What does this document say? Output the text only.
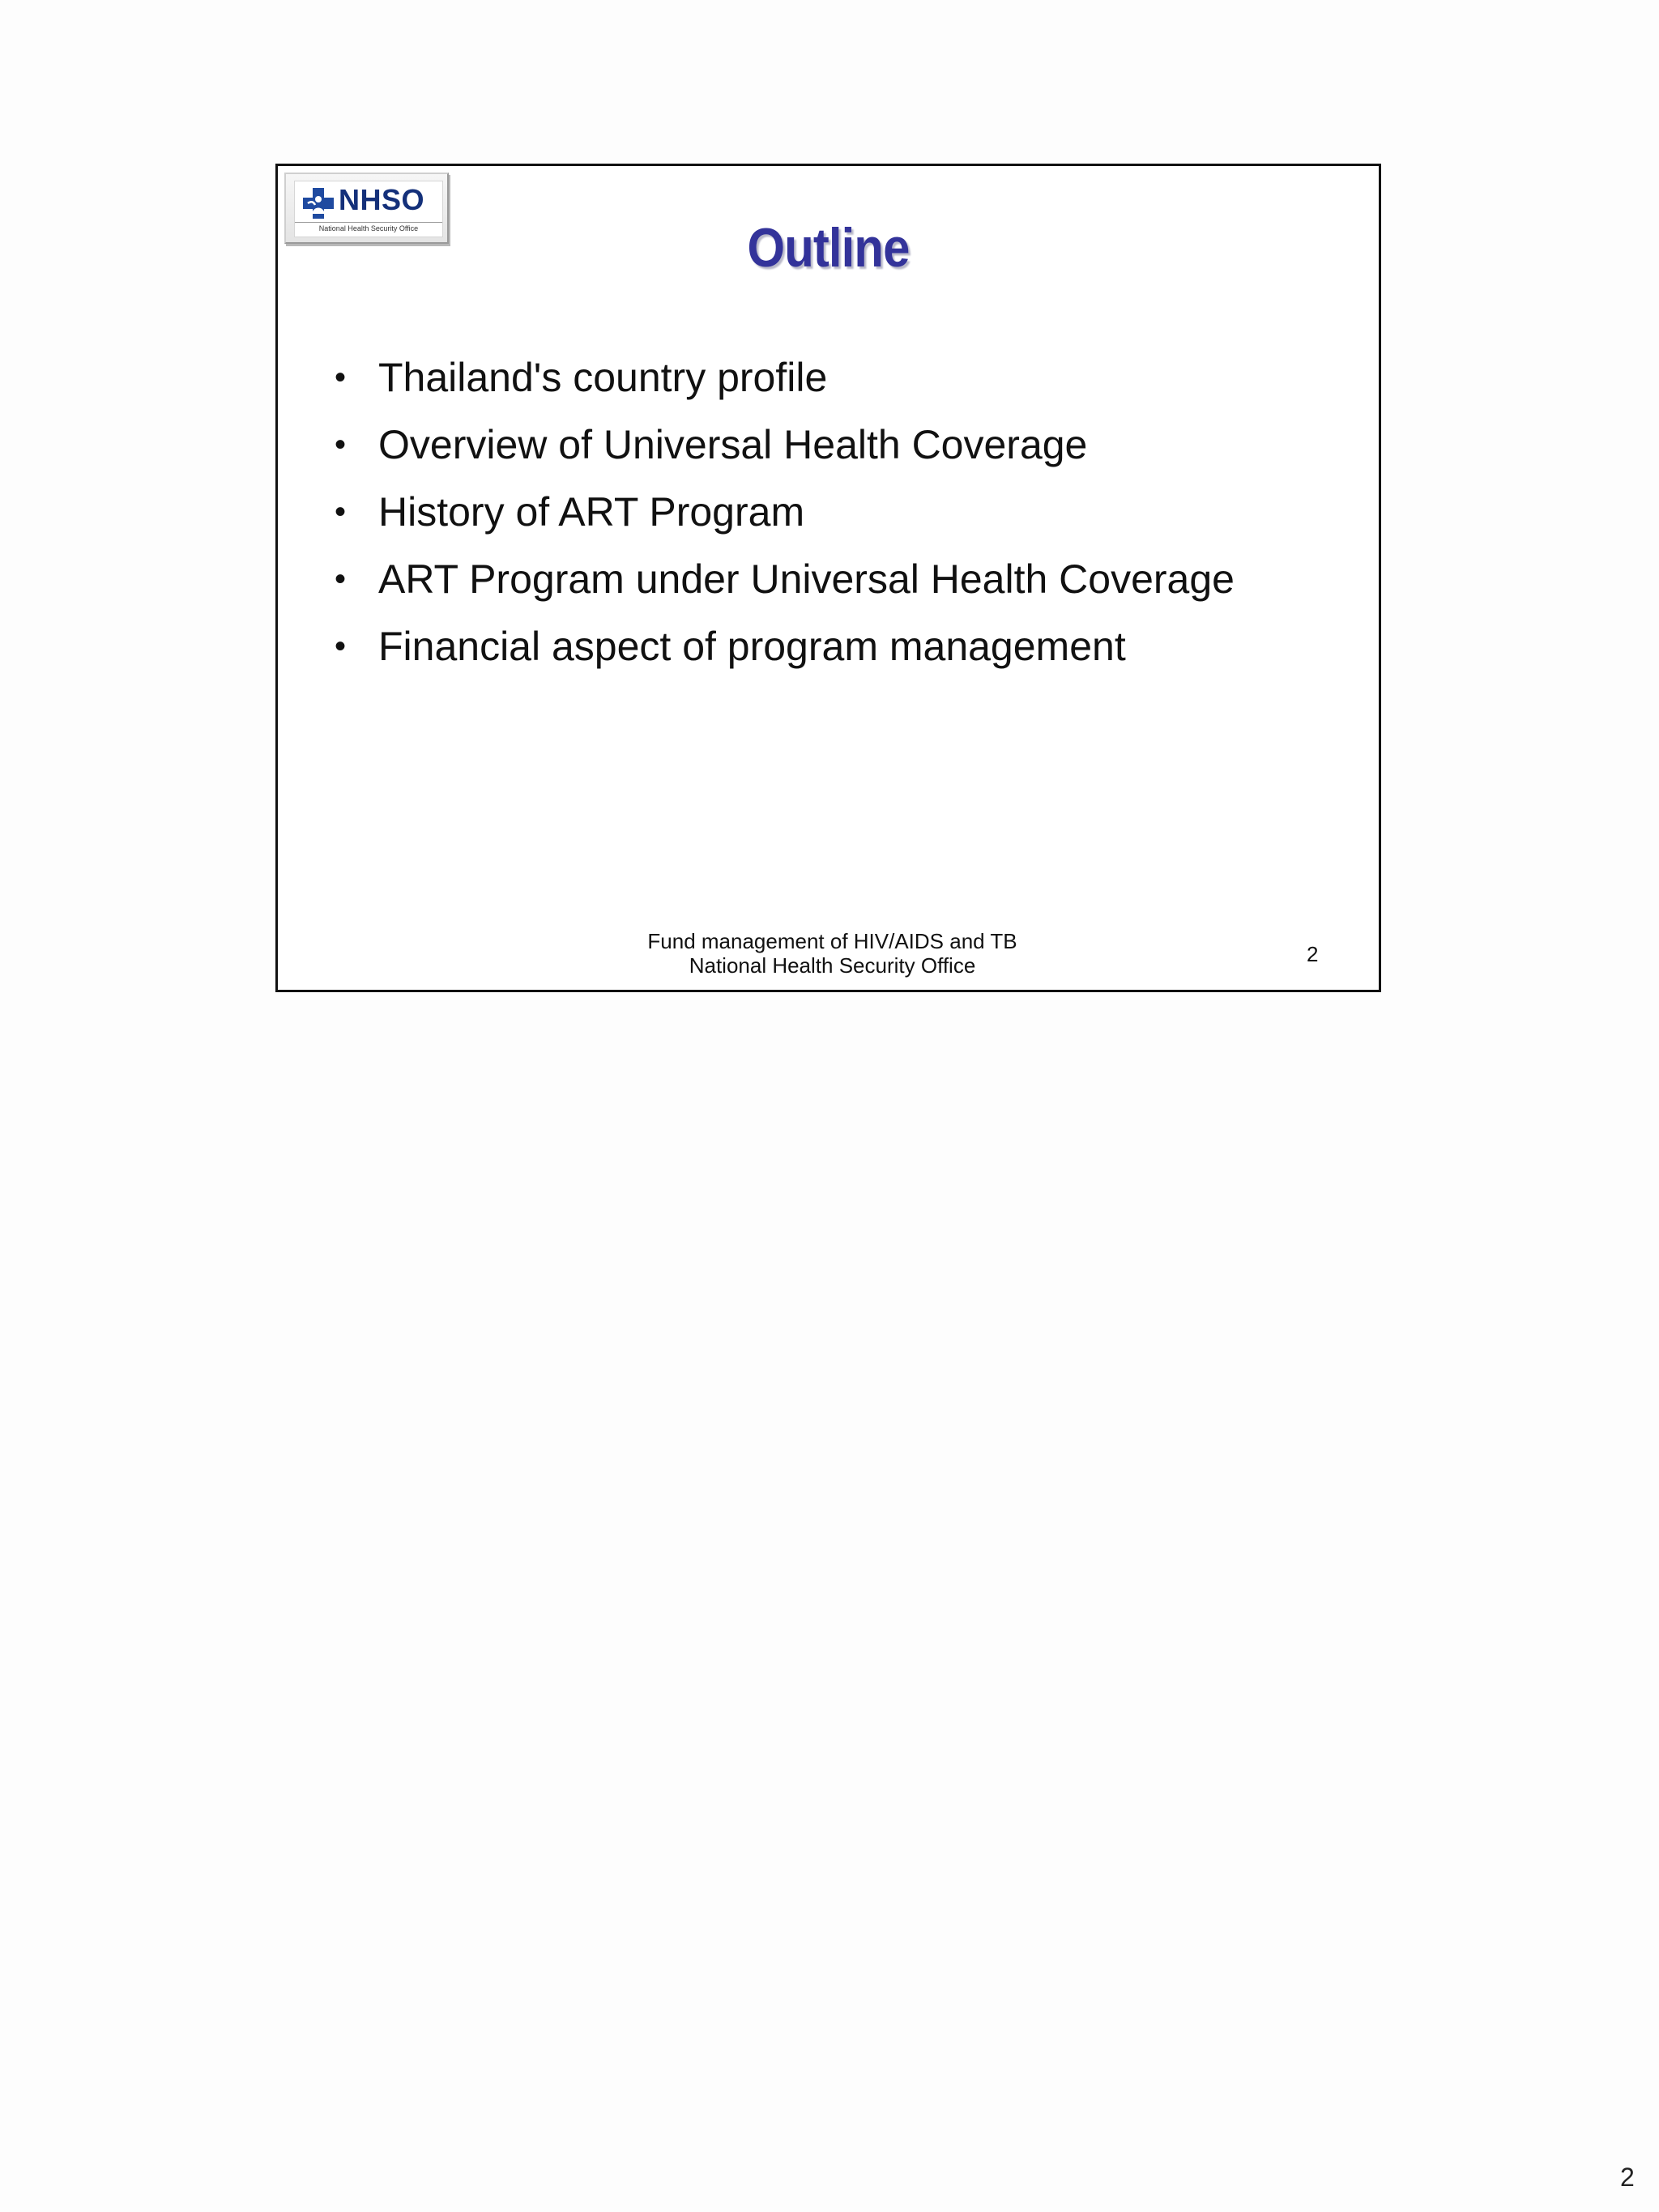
NHSO
National Health Security Office	Outline
• Thailand's country profile
• Overview of Universal Health Coverage
• History of ART Program
• ART Program under Universal Health Coverage
• Financial aspect of program management
Fund management of HIV/AIDS and TB
National Health Security Office	2
2
